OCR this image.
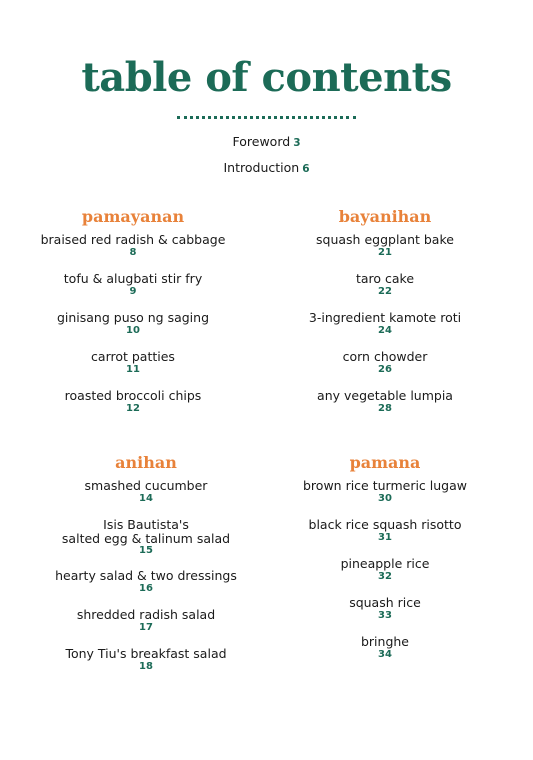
table of contents
Foreword 3
Introduction 6
pamayanan
braised red radish & cabbage
8
tofu & alugbati stir fry
9
ginisang puso ng saging
10
carrot patties
11
roasted broccoli chips
12
bayanihan
squash eggplant bake
21
taro cake
22
3-ingredient kamote roti
24
corn chowder
26
any vegetable lumpia
28
anihan
smashed cucumber
14
Isis Bautista's
salted egg & talinum salad
15
hearty salad & two dressings
16
shredded radish salad
17
Tony Tiu's breakfast salad
18
pamana
brown rice turmeric lugaw
30
black rice squash risotto
31
pineapple rice
32
squash rice
33
bringhe
34
